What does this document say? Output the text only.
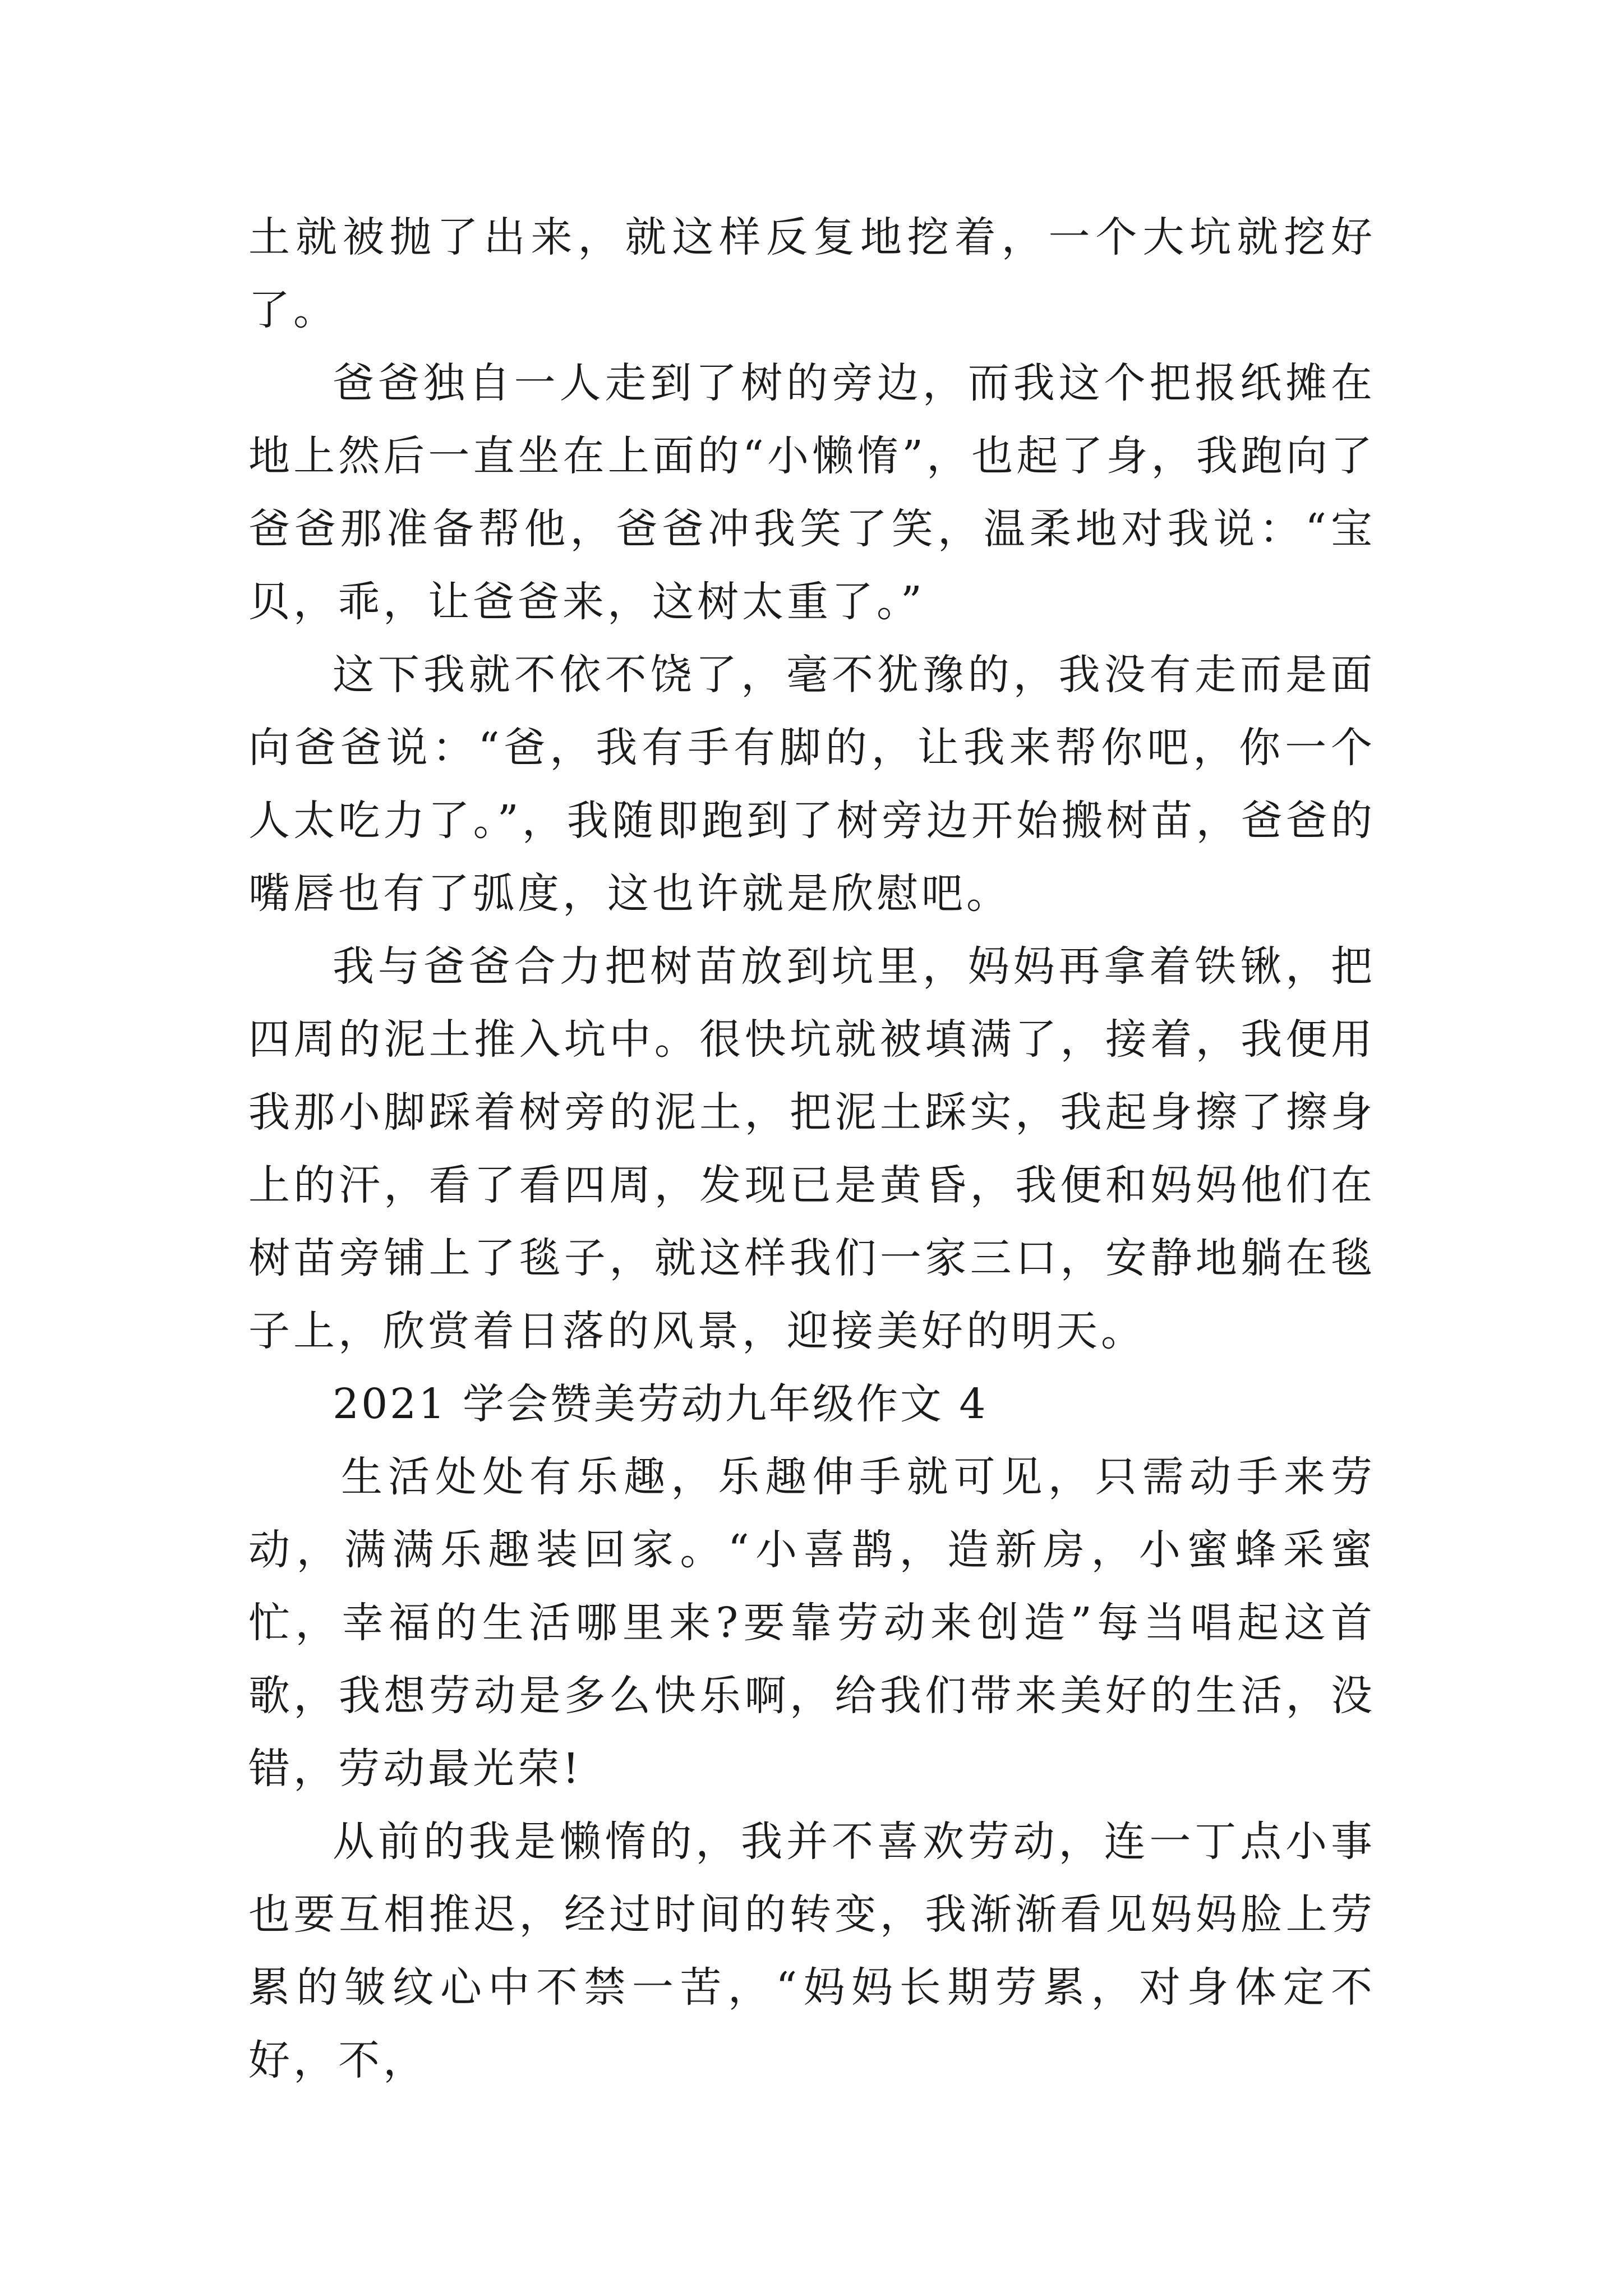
土就被抛了出来，就这样反复地挖着，一个大坑就挖好了。

爸爸独自一人走到了树的旁边，而我这个把报纸摊在地上然后一直坐在上面的“小懒惰”，也起了身，我跑向了爸爸那准备帮他，爸爸冲我笑了笑，温柔地对我说：“宝贝，乖，让爸爸来，这树太重了。”

这下我就不依不饶了，毫不犹豫的，我没有走而是面向爸爸说：“爸，我有手有脚的，让我来帮你吧，你一个人太吃力了。”，我随即跑到了树旁边开始搬树苗，爸爸的嘴唇也有了弧度，这也许就是欣慰吧。

我与爸爸合力把树苗放到坑里，妈妈再拿着铁锹，把四周的泥土推入坑中。很快坑就被填满了，接着，我便用我那小脚踩着树旁的泥土，把泥土踩实，我起身擦了擦身上的汗，看了看四周，发现已是黄昏，我便和妈妈他们在树苗旁铺上了毯子，就这样我们一家三口，安静地躺在毯子上，欣赏着日落的风景，迎接美好的明天。

2021 学会赞美劳动九年级作文 4

生活处处有乐趣，乐趣伸手就可见，只需动手来劳动，满满乐趣装回家。“小喜鹊，造新房，小蜜蜂采蜜忙，幸福的生活哪里来?要靠劳动来创造”每当唱起这首歌，我想劳动是多么快乐啊，给我们带来美好的生活，没错，劳动最光荣!

从前的我是懒惰的，我并不喜欢劳动，连一丁点小事也要互相推迟，经过时间的转变，我渐渐看见妈妈脸上劳累的皱纹心中不禁一苦，“妈妈长期劳累，对身体定不好，不，
